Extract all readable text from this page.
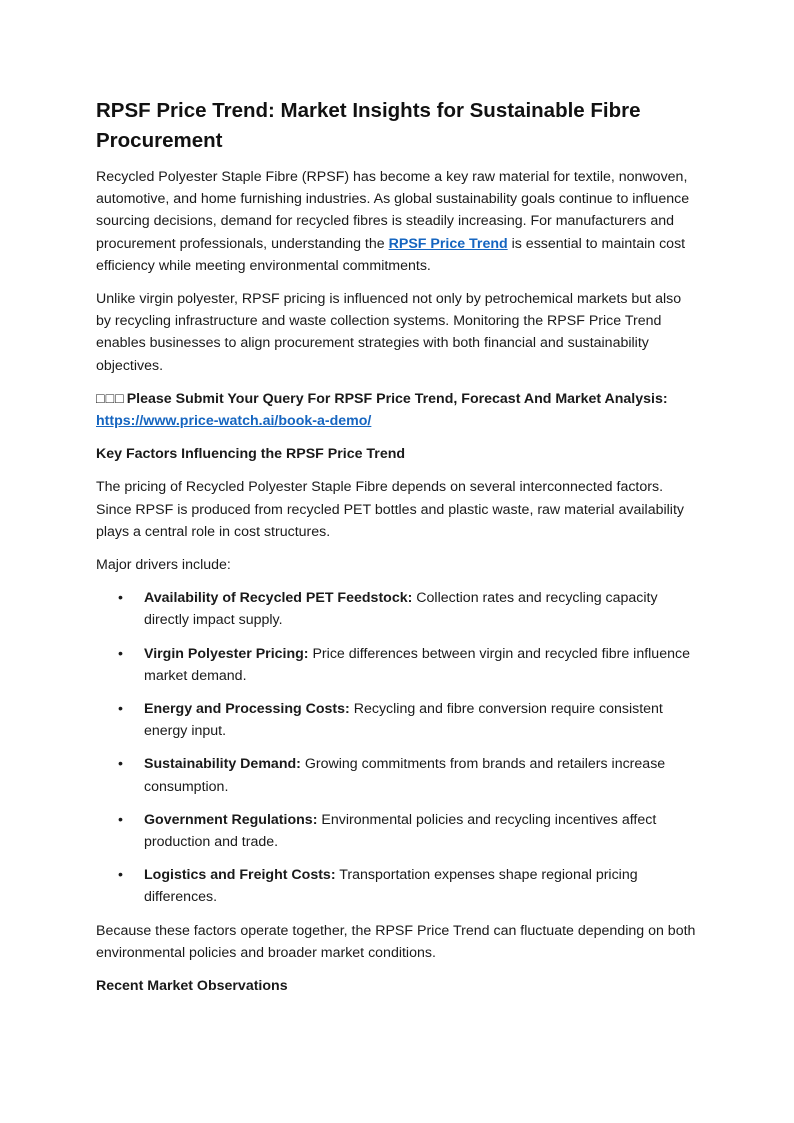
RPSF Price Trend: Market Insights for Sustainable Fibre Procurement

Recycled Polyester Staple Fibre (RPSF) has become a key raw material for textile, nonwoven, automotive, and home furnishing industries. As global sustainability goals continue to influence sourcing decisions, demand for recycled fibres is steadily increasing. For manufacturers and procurement professionals, understanding the RPSF Price Trend is essential to maintain cost efficiency while meeting environmental commitments.

Unlike virgin polyester, RPSF pricing is influenced not only by petrochemical markets but also by recycling infrastructure and waste collection systems. Monitoring the RPSF Price Trend enables businesses to align procurement strategies with both financial and sustainability objectives.

□□□ Please Submit Your Query For RPSF Price Trend, Forecast And Market Analysis:
https://www.price-watch.ai/book-a-demo/

Key Factors Influencing the RPSF Price Trend

The pricing of Recycled Polyester Staple Fibre depends on several interconnected factors. Since RPSF is produced from recycled PET bottles and plastic waste, raw material availability plays a central role in cost structures.

Major drivers include:

• Availability of Recycled PET Feedstock: Collection rates and recycling capacity directly impact supply.
• Virgin Polyester Pricing: Price differences between virgin and recycled fibre influence market demand.
• Energy and Processing Costs: Recycling and fibre conversion require consistent energy input.
• Sustainability Demand: Growing commitments from brands and retailers increase consumption.
• Government Regulations: Environmental policies and recycling incentives affect production and trade.
• Logistics and Freight Costs: Transportation expenses shape regional pricing differences.

Because these factors operate together, the RPSF Price Trend can fluctuate depending on both environmental policies and broader market conditions.

Recent Market Observations
